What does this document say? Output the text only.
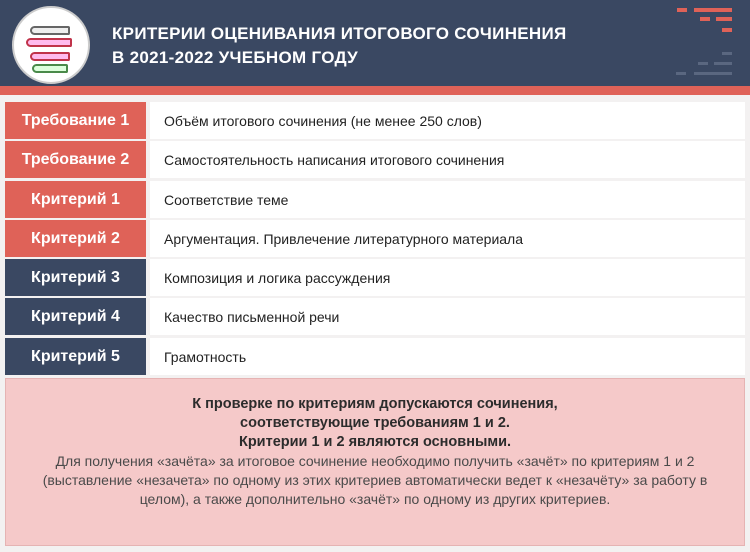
КРИТЕРИИ ОЦЕНИВАНИЯ ИТОГОВОГО СОЧИНЕНИЯ
В 2021-2022 УЧЕБНОМ ГОДУ
Требование 1	Объём итогового сочинения (не менее 250 слов)
Требование 2	Самостоятельность написания итогового сочинения
Критерий 1	Соответствие теме
Критерий 2	Аргументация. Привлечение литературного материала
Критерий 3	Композиция и логика рассуждения
Критерий 4	Качество письменной речи
Критерий 5	Грамотность
К проверке по критериям допускаются сочинения,
соответствующие требованиям 1 и 2.
Критерии 1 и 2 являются основными.

Для получения «зачёта» за итоговое сочинение необходимо получить «зачёт» по критериям 1 и 2 (выставление «незачета» по одному из этих критериев автоматически ведет к «незачёту» за работу в целом), а также дополнительно «зачёт» по одному из других критериев.
